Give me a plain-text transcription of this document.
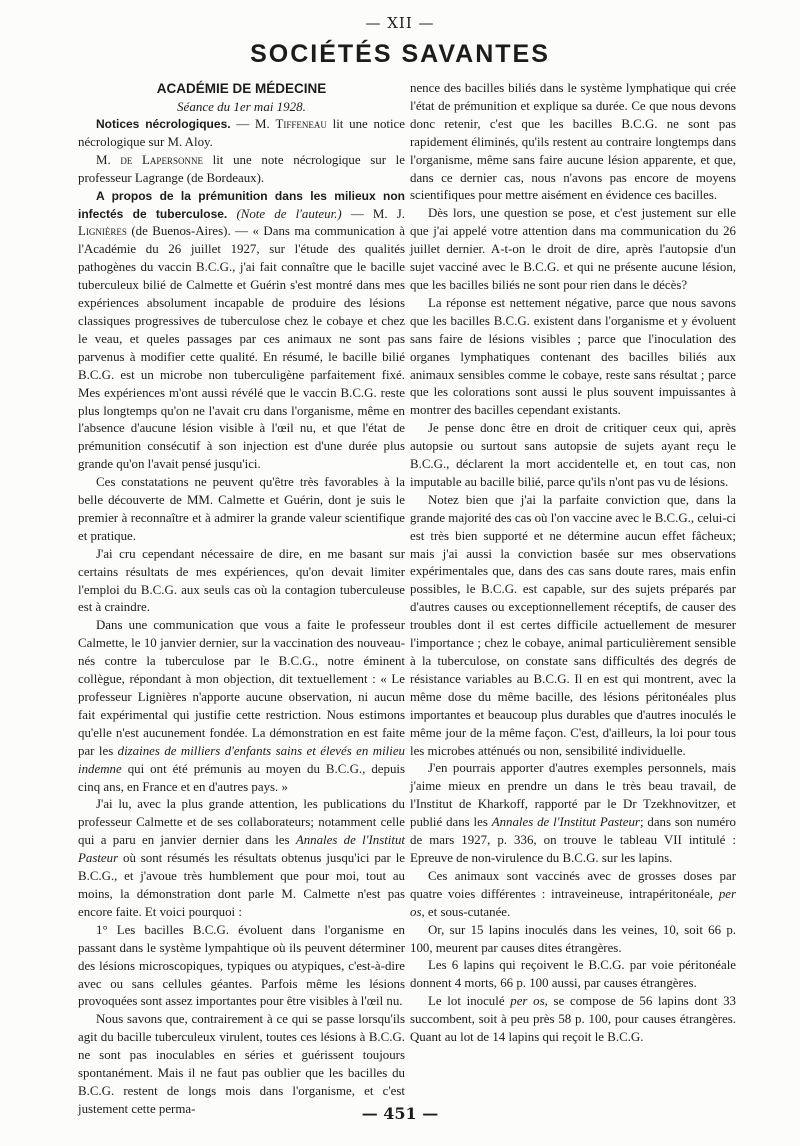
— XII —
SOCIÉTÉS SAVANTES

ACADÉMIE DE MÉDECINE

Séance du 1er mai 1928.

Notices nécrologiques. — M. Tiffeneau lit une notice nécrologique sur M. Aloy.

M. de Lapersonne lit une note nécrologique sur le professeur Lagrange (de Bordeaux).

A propos de la prémunition dans les milieux non infectés de tuberculose. (Note de l'auteur.) — M. J. Lignières (de Buenos-Aires). — « Dans ma communication à l'Académie du 26 juillet 1927, sur l'étude des qualités pathogènes du vaccin B.C.G., j'ai fait connaître que le bacille tuberculeux bilié de Calmette et Guérin s'est montré dans mes expériences absolument incapable de produire des lésions classiques progressives de tuberculose chez le cobaye et chez le veau, et queles passages par ces animaux ne sont pas parvenus à modifier cette qualité. En résumé, le bacille bilié B.C.G. est un microbe non tuberculigène parfaitement fixé. Mes expériences m'ont aussi révélé que le vaccin B.C.G. reste plus longtemps qu'on ne l'avait cru dans l'organisme, même en l'absence d'aucune lésion visible à l'œil nu, et que l'état de prémunition consécutif à son injection est d'une durée plus grande qu'on l'avait pensé jusqu'ici.

Ces constatations ne peuvent qu'être très favorables à la belle découverte de MM. Calmette et Guérin, dont je suis le premier à reconnaître et à admirer la grande valeur scientifique et pratique.

J'ai cru cependant nécessaire de dire, en me basant sur certains résultats de mes expériences, qu'on devait limiter l'emploi du B.C.G. aux seuls cas où la contagion tuberculeuse est à craindre.

Dans une communication que vous a faite le professeur Calmette, le 10 janvier dernier, sur la vaccination des nouveau-nés contre la tuberculose par le B.C.G., notre éminent collègue, répondant à mon objection, dit textuellement : « Le professeur Lignières n'apporte aucune observation, ni aucun fait expérimental qui justifie cette restriction. Nous estimons qu'elle n'est aucunement fondée. La démonstration en est faite par les dizaines de milliers d'enfants sains et élevés en milieu indemne qui ont été prémunis au moyen du B.C.G., depuis cinq ans, en France et en d'autres pays. »

J'ai lu, avec la plus grande attention, les publications du professeur Calmette et de ses collaborateurs; notamment celle qui a paru en janvier dernier dans les Annales de l'Institut Pasteur où sont résumés les résultats obtenus jusqu'ici par le B.C.G., et j'avoue très humblement que pour moi, tout au moins, la démonstration dont parle M. Calmette n'est pas encore faite. Et voici pourquoi :

1° Les bacilles B.C.G. évoluent dans l'organisme en passant dans le système lympahtique où ils peuvent déterminer des lésions microscopiques, typiques ou atypiques, c'est-à-dire avec ou sans cellules géantes. Parfois même les lésions provoquées sont assez importantes pour être visibles à l'œil nu.

Nous savons que, contrairement à ce qui se passe lorsqu'ils agit du bacille tuberculeux virulent, toutes ces lésions à B.C.G. ne sont pas inoculables en séries et guérissent toujours spontanément. Mais il ne faut pas oublier que les bacilles du B.C.G. restent de longs mois dans l'organisme, et c'est justement cette perma-

nence des bacilles biliés dans le système lymphatique qui crée l'état de prémunition et explique sa durée. Ce que nous devons donc retenir, c'est que les bacilles B.C.G. ne sont pas rapidement éliminés, qu'ils restent au contraire longtemps dans l'organisme, même sans faire aucune lésion apparente, et que, dans ce dernier cas, nous n'avons pas encore de moyens scientifiques pour mettre aisément en évidence ces bacilles.

Dès lors, une question se pose, et c'est justement sur elle que j'ai appelé votre attention dans ma communication du 26 juillet dernier. A-t-on le droit de dire, après l'autopsie d'un sujet vacciné avec le B.C.G. et qui ne présente aucune lésion, que les bacilles biliés ne sont pour rien dans le décès?

La réponse est nettement négative, parce que nous savons que les bacilles B.C.G. existent dans l'organisme et y évoluent sans faire de lésions visibles ; parce que l'inoculation des organes lymphatiques contenant des bacilles biliés aux animaux sensibles comme le cobaye, reste sans résultat ; parce que les colorations sont aussi le plus souvent impuissantes à montrer des bacilles cependant existants.

Je pense donc être en droit de critiquer ceux qui, après autopsie ou surtout sans autopsie de sujets ayant reçu le B.C.G., déclarent la mort accidentelle et, en tout cas, non imputable au bacille bilié, parce qu'ils n'ont pas vu de lésions.

Notez bien que j'ai la parfaite conviction que, dans la grande majorité des cas où l'on vaccine avec le B.C.G., celui-ci est très bien supporté et ne détermine aucun effet fâcheux; mais j'ai aussi la conviction basée sur mes observations expérimentales que, dans des cas sans doute rares, mais enfin possibles, le B.C.G. est capable, sur des sujets préparés par d'autres causes ou exceptionnellement réceptifs, de causer des troubles dont il est certes difficile actuellement de mesurer l'importance ; chez le cobaye, animal particulièrement sensible à la tuberculose, on constate sans difficultés des degrés de résistance variables au B.C.G. Il en est qui montrent, avec la même dose du même bacille, des lésions péritonéales plus importantes et beaucoup plus durables que d'autres inoculés le même jour de la même façon. C'est, d'ailleurs, la loi pour tous les microbes atténués ou non, sensibilité individuelle.

J'en pourrais apporter d'autres exemples personnels, mais j'aime mieux en prendre un dans le très beau travail, de l'Institut de Kharkoff, rapporté par le Dr Tzekhnovitzer, et publié dans les Annales de l'Institut Pasteur; dans son numéro de mars 1927, p. 336, on trouve le tableau VII intitulé : Epreuve de non-virulence du B.C.G. sur les lapins.

Ces animaux sont vaccinés avec de grosses doses par quatre voies différentes : intraveineuse, intrapéritonéale, per os, et sous-cutanée.

Or, sur 15 lapins inoculés dans les veines, 10, soit 66 p. 100, meurent par causes dites étrangères.

Les 6 lapins qui reçoivent le B.C.G. par voie péritonéale donnent 4 morts, 66 p. 100 aussi, par causes étrangères.

Le lot inoculé per os, se compose de 56 lapins dont 33 succombent, soit à peu près 58 p. 100, pour causes étrangères. Quant au lot de 14 lapins qui reçoit le B.C.G.

— 451 —
